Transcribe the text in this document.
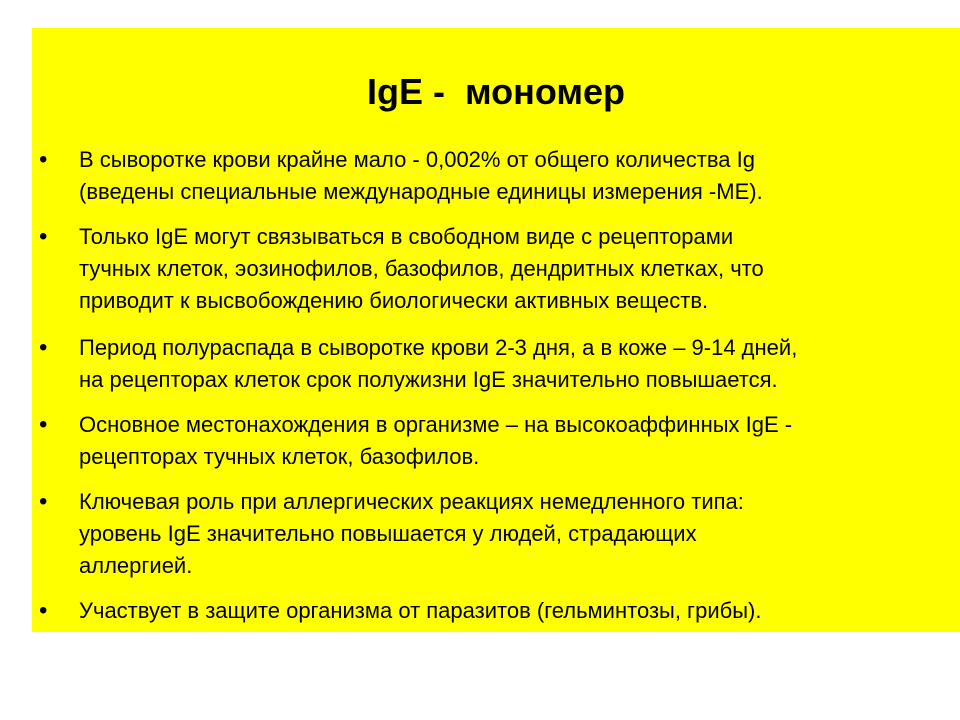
IgE -  мономер
• В сыворотке крови крайне мало - 0,002% от общего количества Ig
(введены специальные международные единицы измерения -МЕ).
• Только IgE могут связываться в свободном виде с рецепторами
тучных клеток, эозинофилов, базофилов, дендритных клетках, что
приводит к высвобождению биологически активных веществ.
• Период полураспада в сыворотке крови 2-3 дня, а в коже – 9-14 дней,
на рецепторах клеток срок полужизни IgE значительно повышается.
• Основное местонахождения в организме – на высокоаффинных IgE -
рецепторах тучных клеток, базофилов.
• Ключевая роль при аллергических реакциях немедленного типа:
уровень IgE значительно повышается у людей, страдающих
аллергией.
• Участвует в защите организма от паразитов (гельминтозы, грибы).
